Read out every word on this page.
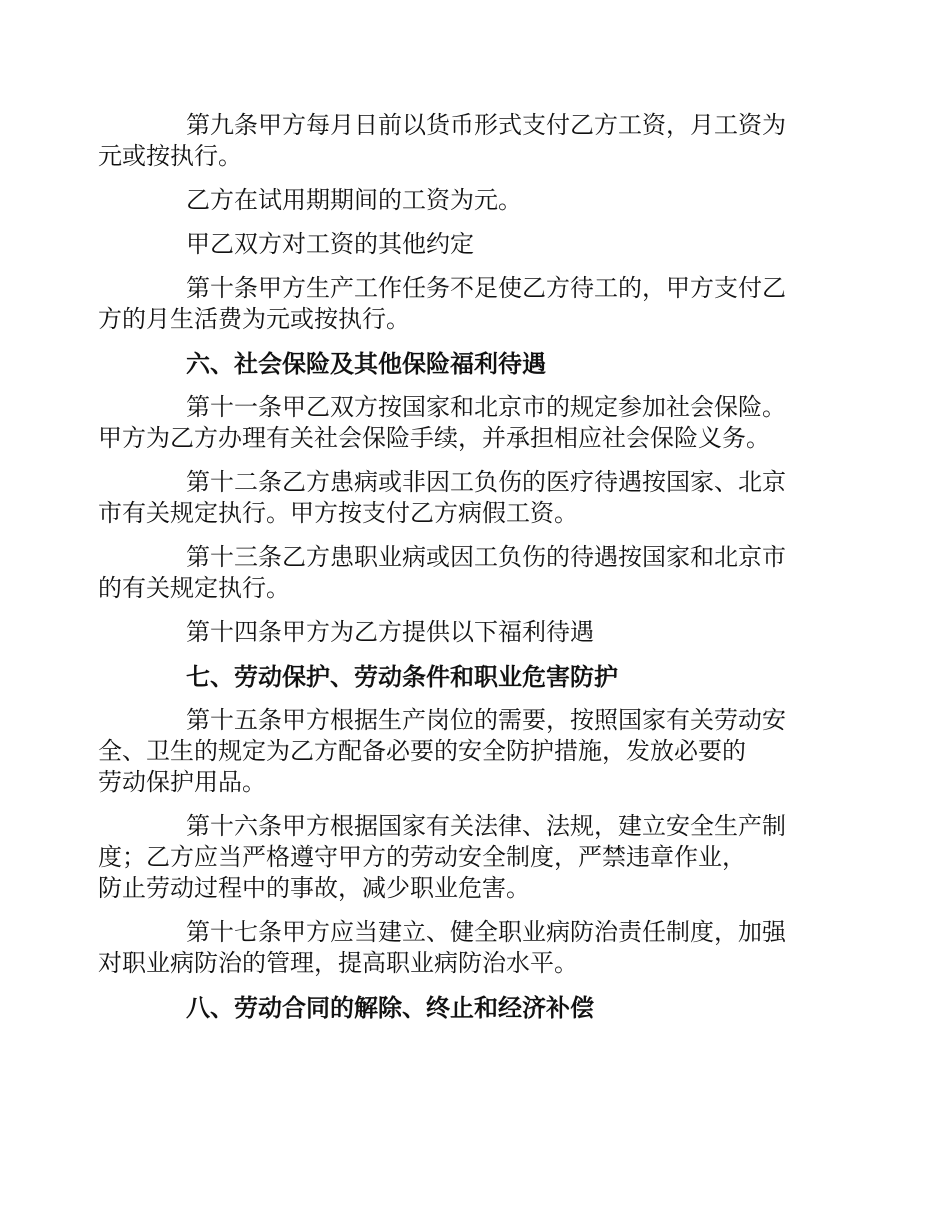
第九条甲方每月日前以货币形式支付乙方工资，月工资为
元或按执行。

乙方在试用期期间的工资为元。

甲乙双方对工资的其他约定

第十条甲方生产工作任务不足使乙方待工的，甲方支付乙
方的月生活费为元或按执行。

六、社会保险及其他保险福利待遇

第十一条甲乙双方按国家和北京市的规定参加社会保险。
甲方为乙方办理有关社会保险手续，并承担相应社会保险义务。

第十二条乙方患病或非因工负伤的医疗待遇按国家、北京
市有关规定执行。甲方按支付乙方病假工资。

第十三条乙方患职业病或因工负伤的待遇按国家和北京市
的有关规定执行。

第十四条甲方为乙方提供以下福利待遇

七、劳动保护、劳动条件和职业危害防护

第十五条甲方根据生产岗位的需要，按照国家有关劳动安
全、卫生的规定为乙方配备必要的安全防护措施，发放必要的
劳动保护用品。

第十六条甲方根据国家有关法律、法规，建立安全生产制
度；乙方应当严格遵守甲方的劳动安全制度，严禁违章作业，
防止劳动过程中的事故，减少职业危害。

第十七条甲方应当建立、健全职业病防治责任制度，加强
对职业病防治的管理，提高职业病防治水平。

八、劳动合同的解除、终止和经济补偿
